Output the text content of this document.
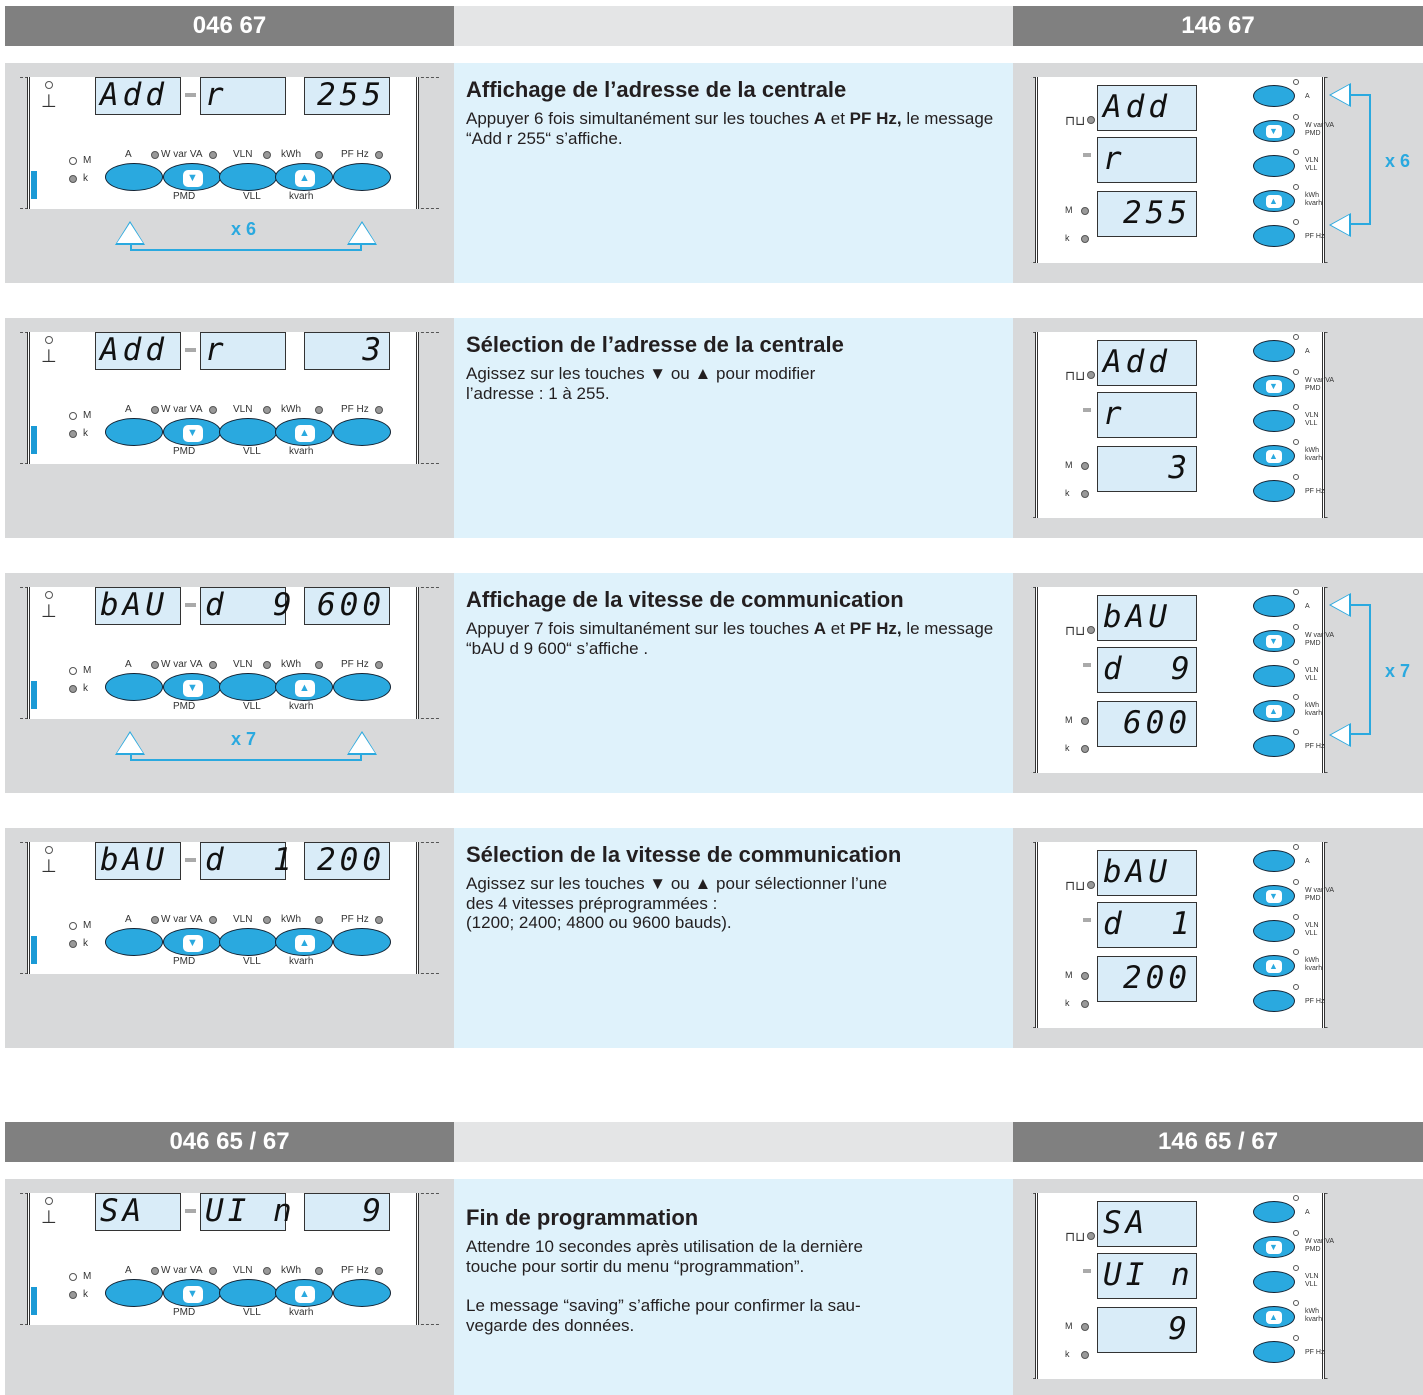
046 67	146 67
046 65 / 67	146 65 / 67
⊥ Add	r	255
M
k
A	W var VA	VLN	kWh	PF Hz
▼	▲
PMD	VLL	kvarh
x 6
Affichage de l’adresse de la centrale
Appuyer 6 fois simultanément sur les touches A et PF Hz, le message “Add r 255“ s’affiche.
⊓⊔
M
k
Add
r
255
▼
▲
A
W var VA
PMD
VLN
VLL
kWh
kvarh
PF Hz
x 6
⊥ Add	r	3
M
k
A	W var VA	VLN	kWh	PF Hz
▼	▲
PMD	VLL	kvarh
Sélection de l’adresse de la centrale
Agissez sur les touches ▼ ou ▲ pour modifier
l’adresse : 1 à 255.
⊓⊔
M
k
Add
r
3
▼
▲
A
W var VA
PMD
VLN
VLL
kWh
kvarh
PF Hz
⊥ bAU	d  9 600
M
k
A	W var VA	VLN	kWh	PF Hz
▼	▲
PMD	VLL	kvarh
x 7
Affichage de la vitesse de communication
Appuyer 7 fois simultanément sur les touches A et PF Hz, le message “bAU d 9 600“ s’affiche .
⊓⊔
M
k
bAU
d  9
600
▼
▲
A
W var VA
PMD
VLN
VLL
kWh
kvarh
PF Hz
x 7
⊥ bAU	d  1 200
M
k
A	W var VA	VLN	kWh	PF Hz
▼	▲
PMD	VLL	kvarh
Sélection de la vitesse de communication
Agissez sur les touches ▼ ou ▲ pour sélectionner l’une
des 4 vitesses préprogrammées :
(1200; 2400; 4800 ou 9600 bauds).
⊓⊔
M
k
bAU
d  1
200
▼
▲
A
W var VA
PMD
VLN
VLL
kWh
kvarh
PF Hz
⊥ SA	UI n	9
M
k
A	W var VA	VLN	kWh	PF Hz
▼	▲
PMD	VLL	kvarh
Fin de programmation
Attendre 10 secondes après utilisation de la dernière
touche pour sortir du menu “programmation”.
Le message “saving” s’affiche pour confirmer la sau-
vegarde des données.
⊓⊔
M
k
SA
UI n
9
▼
▲
A
W var VA
PMD
VLN
VLL
kWh
kvarh
PF Hz
